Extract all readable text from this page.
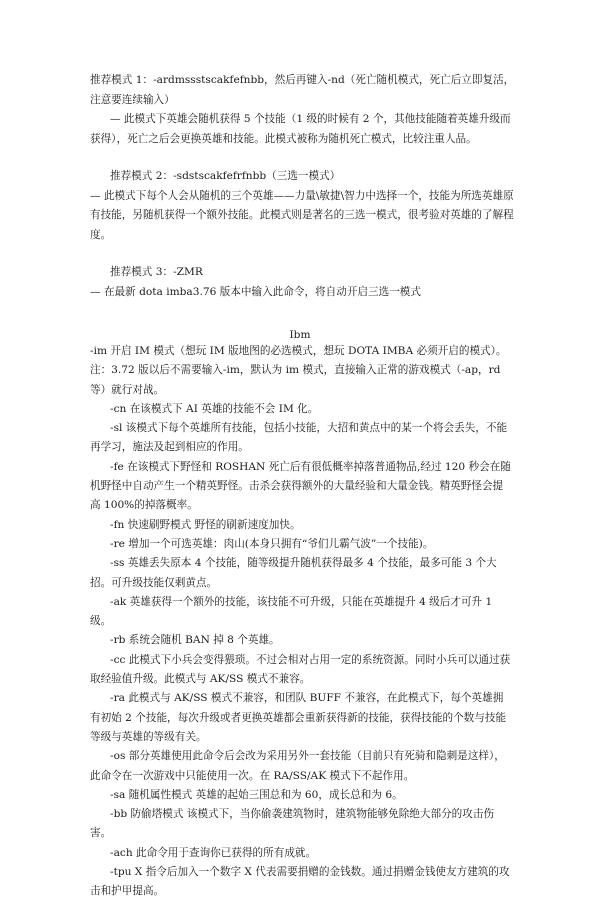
推荐模式 1：-ardmssstscakfefnbb，然后再键入-nd（死亡随机模式，死亡后立即复活，注意要连续输入）

— 此模式下英雄会随机获得 5 个技能（1 级的时候有 2 个，其他技能随着英雄升级而获得），死亡之后会更换英雄和技能。此模式被称为随机死亡模式，比较注重人品。

推荐模式 2：-sdstscakfefrfnbb（三选一模式）

— 此模式下每个人会从随机的三个英雄——力量\敏捷\智力中选择一个，技能为所选英雄原有技能，另随机获得一个额外技能。此模式则是著名的三选一模式，很考验对英雄的了解程度。

推荐模式 3：-ZMR

— 在最新 dota imba3.76 版本中输入此命令，将自动开启三选一模式

Ibm

-im 开启 IM 模式（想玩 IM 版地图的必选模式，想玩 DOTA IMBA 必须开启的模式）。注：3.72 版以后不需要输入-im，默认为 im 模式，直接输入正常的游戏模式（-ap，rd 等）就行对战。

-cn 在该模式下 AI 英雄的技能不会 IM 化。

-sl 该模式下每个英雄所有技能，包括小技能，大招和黄点中的某一个将会丢失，不能再学习，施法及起到相应的作用。

-fe 在该模式下野怪和 ROSHAN 死亡后有很低概率掉落普通物品,经过 120 秒会在随机野怪中自动产生一个精英野怪。击杀会获得额外的大量经验和大量金钱。精英野怪会提高 100%的掉落概率。

-fn 快速刷野模式 野怪的刷新速度加快。

-re 增加一个可选英雄：肉山(本身只拥有“爷们儿霸气波”一个技能)。

-ss 英雄丢失原本 4 个技能，随等级提升随机获得最多 4 个技能，最多可能 3 个大招。可升级技能仅剩黄点。

-ak 英雄获得一个额外的技能，该技能不可升级，只能在英雄提升 4 级后才可升 1 级。

-rb 系统会随机 BAN 掉 8 个英雄。

-cc 此模式下小兵会变得猥琐。不过会相对占用一定的系统资源。同时小兵可以通过获取经验值升级。此模式与 AK/SS 模式不兼容。

-ra 此模式与 AK/SS 模式不兼容，和团队 BUFF 不兼容，在此模式下，每个英雄拥有初始 2 个技能，每次升级或者更换英雄都会重新获得新的技能，获得技能的个数与技能等级与英雄的等级有关。

-os 部分英雄使用此命令后会改为采用另外一套技能（目前只有死骑和隐刺是这样），此命令在一次游戏中只能使用一次。在 RA/SS/AK 模式下不起作用。

-sa 随机属性模式 英雄的起始三围总和为 60，成长总和为 6。

-bb 防偷塔模式 该模式下，当你偷袭建筑物时，建筑物能够免除绝大部分的攻击伤害。

-ach 此命令用于查询你已获得的所有成就。

-tpu X 指令后加入一个数字 X 代表需要捐赠的金钱数。通过捐赠金钱使友方建筑的攻击和护甲提高。
